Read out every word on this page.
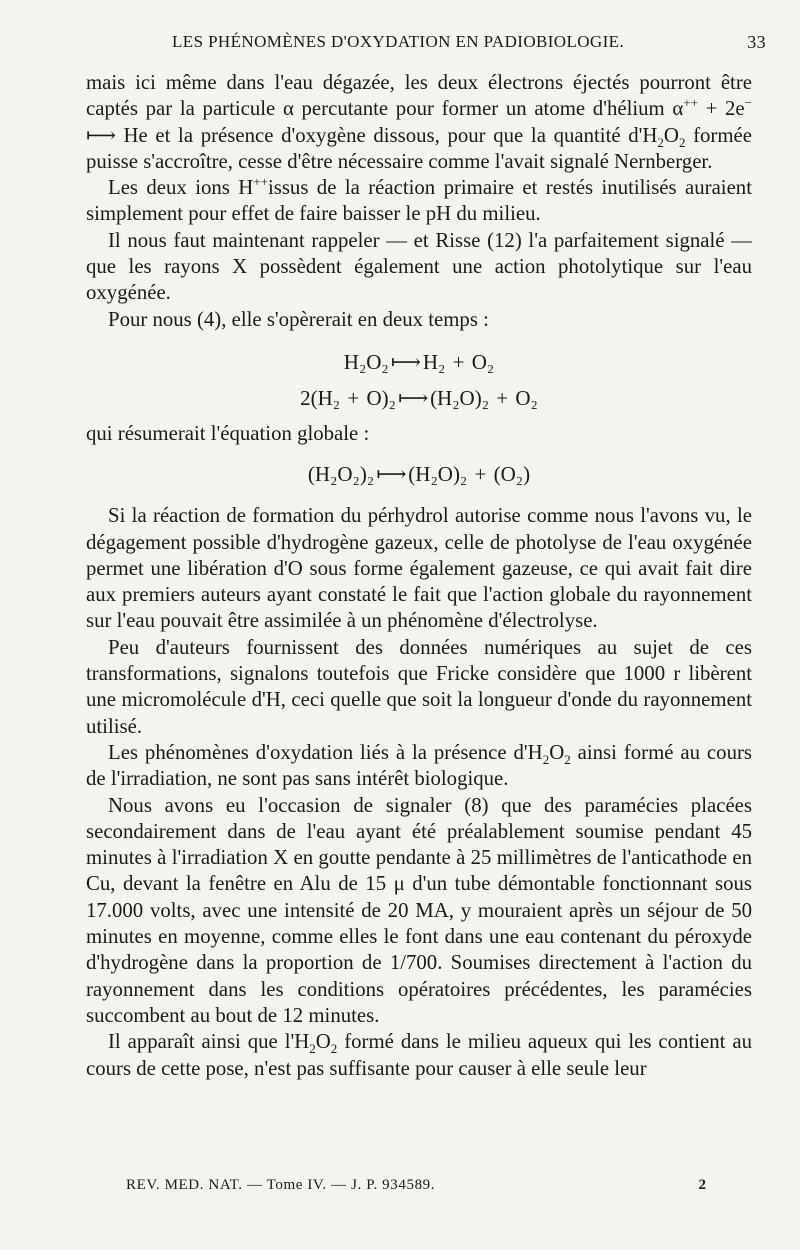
LES PHÉNOMÈNES D'OXYDATION EN PADIOBIOLOGIE.	33

mais ici même dans l'eau dégazée, les deux électrons éjectés pourront être captés par la particule α percutante pour former un atome d'hélium α++ + 2e− ⟼ He et la présence d'oxygène dissous, pour que la quantité $d'H_2O_2$ formée puisse s'accroître, cesse d'être nécessaire comme l'avait signalé Nernberger.

Les deux ions H++issus de la réaction primaire et restés inutilisés auraient simplement pour effet de faire baisser le pH du milieu.

Il nous faut maintenant rappeler — et Risse (12) l'a parfaitement signalé — que les rayons X possèdent également une action photolytique sur l'eau oxygénée.

Pour nous (4), elle s'opèrerait en deux temps :

H₂O₂⟼H₂ + O₂
2(H₂ + O)₂⟼(H₂O)₂ + O₂

qui résumerait l'équation globale :

(H₂O₂)₂⟼(H₂O)₂ + (O₂)

Si la réaction de formation du pérhydrol autorise comme nous l'avons vu, le dégagement possible d'hydrogène gazeux, celle de photolyse de l'eau oxygénée permet une libération d'O sous forme également gazeuse, ce qui avait fait dire aux premiers auteurs ayant constaté le fait que l'action globale du rayonnement sur l'eau pouvait être assimilée à un phénomène d'électrolyse.

Peu d'auteurs fournissent des données numériques au sujet de ces transformations, signalons toutefois que Fricke considère que 1000 r libèrent une micromolécule d'H, ceci quelle que soit la longueur d'onde du rayonnement utilisé.

Les phénomènes d'oxydation liés à la présence $d'H_2O_2$ ainsi formé au cours de l'irradiation, ne sont pas sans intérêt biologique.

Nous avons eu l'occasion de signaler (8) que des paramécies placées secondairement dans de l'eau ayant été préalablement soumise pendant 45 minutes à l'irradiation X en goutte pendante à 25 millimètres de l'anticathode en Cu, devant la fenêtre en Alu de 15 μ d'un tube démontable fonctionnant sous 17.000 volts, avec une intensité de 20 MA, y mouraient après un séjour de 50 minutes en moyenne, comme elles le font dans une eau contenant du péroxyde d'hydrogène dans la proportion de 1/700. Soumises directement à l'action du rayonnement dans les conditions opératoires précédentes, les paramécies succombent au bout de 12 minutes.

Il apparaît ainsi que $l'H_2O_2$ formé dans le milieu aqueux qui les contient au cours de cette pose, n'est pas suffisante pour causer à elle seule leur

REV. MED. NAT. — Tome IV. — J. P. 934589.	2
